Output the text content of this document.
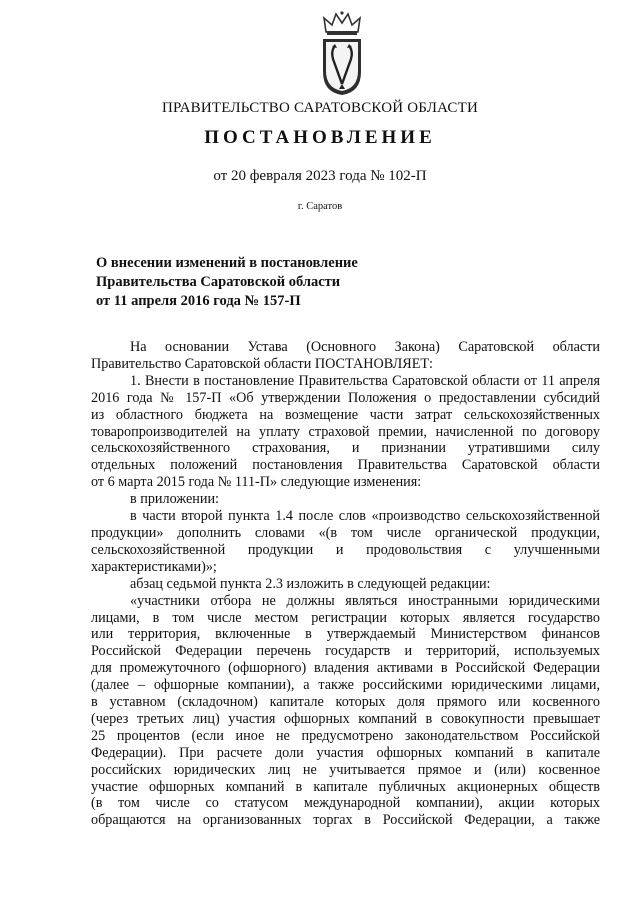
ПРАВИТЕЛЬСТВО САРАТОВСКОЙ ОБЛАСТИ
ПОСТАНОВЛЕНИЕ
от 20 февраля 2023 года № 102-П
г. Саратов
О внесении изменений в постановление
Правительства Саратовской области
от 11 апреля 2016 года № 157-П

На основании Устава (Основного Закона) Саратовской области

Правительство Саратовской области ПОСТАНОВЛЯЕТ:

1. Внести в постановление Правительства Саратовской области от 11 апреля

2016 года № 157-П «Об утверждении Положения о предоставлении субсидий

из областного бюджета на возмещение части затрат сельскохозяйственных

товаропроизводителей на уплату страховой премии, начисленной по договору

сельскохозяйственного страхования, и признании утратившими силу

отдельных положений постановления Правительства Саратовской области

от 6 марта 2015 года № 111-П» следующие изменения:

в приложении:

в части второй пункта 1.4 после слов «производство сельскохозяйственной

продукции» дополнить словами «(в том числе органической продукции,

сельскохозяйственной продукции и продовольствия с улучшенными

характеристиками)»;

абзац седьмой пункта 2.3 изложить в следующей редакции:

«участники отбора не должны являться иностранными юридическими

лицами, в том числе местом регистрации которых является государство

или территория, включенные в утверждаемый Министерством финансов

Российской Федерации перечень государств и территорий, используемых

для промежуточного (офшорного) владения активами в Российской Федерации

(далее – офшорные компании), а также российскими юридическими лицами,

в уставном (складочном) капитале которых доля прямого или косвенного

(через третьих лиц) участия офшорных компаний в совокупности превышает

25 процентов (если иное не предусмотрено законодательством Российской

Федерации). При расчете доли участия офшорных компаний в капитале

российских юридических лиц не учитывается прямое и (или) косвенное

участие офшорных компаний в капитале публичных акционерных обществ

(в том числе со статусом международной компании), акции которых

обращаются на организованных торгах в Российской Федерации, а также
